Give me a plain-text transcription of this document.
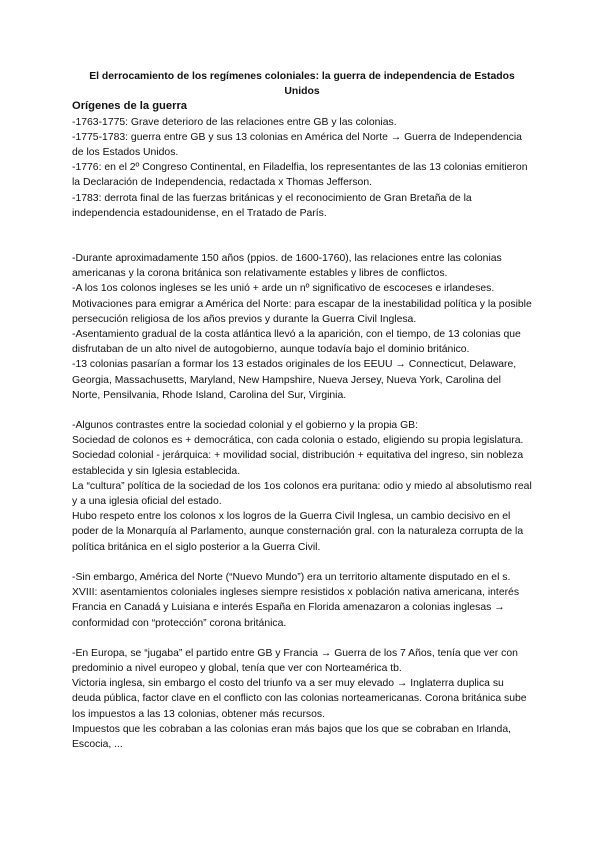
El derrocamiento de los regímenes coloniales: la guerra de independencia de Estados Unidos

Orígenes de la guerra

-1763-1775: Grave deterioro de las relaciones entre GB y las colonias.

-1775-1783: guerra entre GB y sus 13 colonias en América del Norte → Guerra de Independencia de los Estados Unidos.

-1776: en el 2º Congreso Continental, en Filadelfia, los representantes de las 13 colonias emitieron la Declaración de Independencia, redactada x Thomas Jefferson.

-1783: derrota final de las fuerzas británicas y el reconocimiento de Gran Bretaña de la independencia estadounidense, en el Tratado de París.

-Durante aproximadamente 150 años (ppios. de 1600-1760), las relaciones entre las colonias americanas y la corona británica son relativamente estables y libres de conflictos.

-A los 1os colonos ingleses se les unió + arde un nº significativo de escoceses e irlandeses.

Motivaciones para emigrar a América del Norte: para escapar de la inestabilidad política y la posible persecución religiosa de los años previos y durante la Guerra Civil Inglesa.

-Asentamiento gradual de la costa atlántica llevó a la aparición, con el tiempo, de 13 colonias que disfrutaban de un alto nivel de autogobierno, aunque todavía bajo el dominio británico.

-13 colonias pasarían a formar los 13 estados originales de los EEUU → Connecticut, Delaware, Georgia, Massachusetts, Maryland, New Hampshire, Nueva Jersey, Nueva York, Carolina del Norte, Pensilvania, Rhode Island, Carolina del Sur, Virginia.

-Algunos contrastes entre la sociedad colonial y el gobierno y la propia GB:

Sociedad de colonos es + democrática, con cada colonia o estado, eligiendo su propia legislatura.

Sociedad colonial - jerárquica: + movilidad social, distribución + equitativa del ingreso, sin nobleza establecida y sin Iglesia establecida.

La “cultura” política de la sociedad de los 1os colonos era puritana: odio y miedo al absolutismo real y a una iglesia oficial del estado.

Hubo respeto entre los colonos x los logros de la Guerra Civil Inglesa, un cambio decisivo en el poder de la Monarquía al Parlamento, aunque consternación gral. con la naturaleza corrupta de la política británica en el siglo posterior a la Guerra Civil.

-Sin embargo, América del Norte (“Nuevo Mundo”) era un territorio altamente disputado en el s. XVIII: asentamientos coloniales ingleses siempre resistidos x población nativa americana, interés Francia en Canadá y Luisiana e interés España en Florida amenazaron a colonias inglesas → conformidad con “protección” corona británica.

-En Europa, se “jugaba” el partido entre GB y Francia → Guerra de los 7 Años, tenía que ver con predominio a nivel europeo y global, tenía que ver con Norteamérica tb.

Victoria inglesa, sin embargo el costo del triunfo va a ser muy elevado → Inglaterra duplica su deuda pública, factor clave en el conflicto con las colonias norteamericanas. Corona británica sube los impuestos a las 13 colonias, obtener más recursos.

Impuestos que les cobraban a las colonias eran más bajos que los que se cobraban en Irlanda, Escocia, ...
